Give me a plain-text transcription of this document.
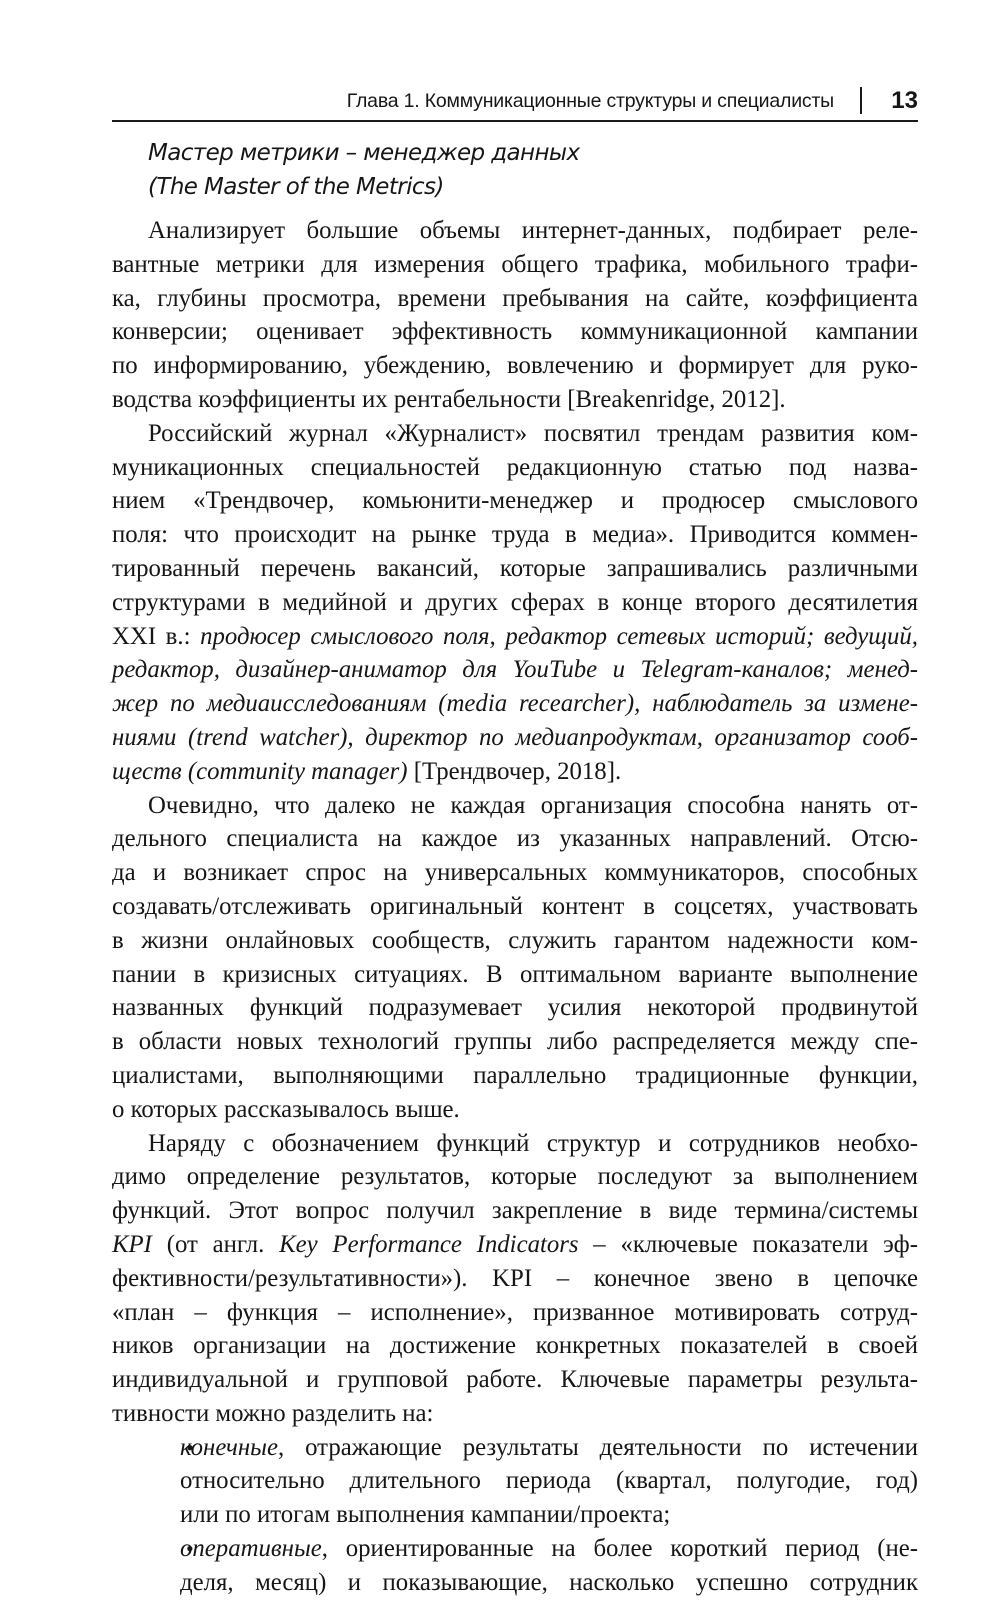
Глава 1. Коммуникационные структуры и специалисты 13
Мастер метрики – менеджер данных
(The Master of the Metrics)
Анализирует большие объемы интернет-данных, подбирает реле-
вантные метрики для измерения общего трафика, мобильного трафи-
ка, глубины просмотра, времени пребывания на сайте, коэффициента
конверсии; оценивает эффективность коммуникационной кампании
по информированию, убеждению, вовлечению и формирует для руко-
водства коэффициенты их рентабельности [Breakenridge, 2012].
Российский журнал «Журналист» посвятил трендам развития ком-
муникационных специальностей редакционную статью под назва-
нием «Трендвочер, комьюнити-менеджер и продюсер смыслового
поля: что происходит на рынке труда в медиа». Приводится коммен-
тированный перечень вакансий, которые запрашивались различными
структурами в медийной и других сферах в конце второго десятилетия
XXI в.: продюсер смыслового поля, редактор сетевых историй; ведущий,
редактор, дизайнер-аниматор для YouTube и Telegram-каналов; менед-
жер по медиаисследованиям (media recearcher), наблюдатель за измене-
ниями (trend watcher), директор по медиапродуктам, организатор сооб-
ществ (community manager) [Трендвочер, 2018].
Очевидно, что далеко не каждая организация способна нанять от-
дельного специалиста на каждое из указанных направлений. Отсю-
да и возникает спрос на универсальных коммуникаторов, способных
создавать/отслеживать оригинальный контент в соцсетях, участвовать
в жизни онлайновых сообществ, служить гарантом надежности ком-
пании в кризисных ситуациях. В оптимальном варианте выполнение
названных функций подразумевает усилия некоторой продвинутой
в области новых технологий группы либо распределяется между спе-
циалистами, выполняющими параллельно традиционные функции,
о которых рассказывалось выше.
Наряду с обозначением функций структур и сотрудников необхо-
димо определение результатов, которые последуют за выполнением
функций. Этот вопрос получил закрепление в виде термина/системы
KPI (от англ. Key Performance Indicators – «ключевые показатели эф-
фективности/результативности»). KPI – конечное звено в цепочке
«план – функция – исполнение», призванное мотивировать сотруд-
ников организации на достижение конкретных показателей в своей
индивидуальной и групповой работе. Ключевые параметры результа-
тивности можно разделить на:
• конечные, отражающие результаты деятельности по истечении
относительно длительного периода (квартал, полугодие, год)
или по итогам выполнения кампании/проекта;
• оперативные, ориентированные на более короткий период (не-
деля, месяц) и показывающие, насколько успешно сотрудник
